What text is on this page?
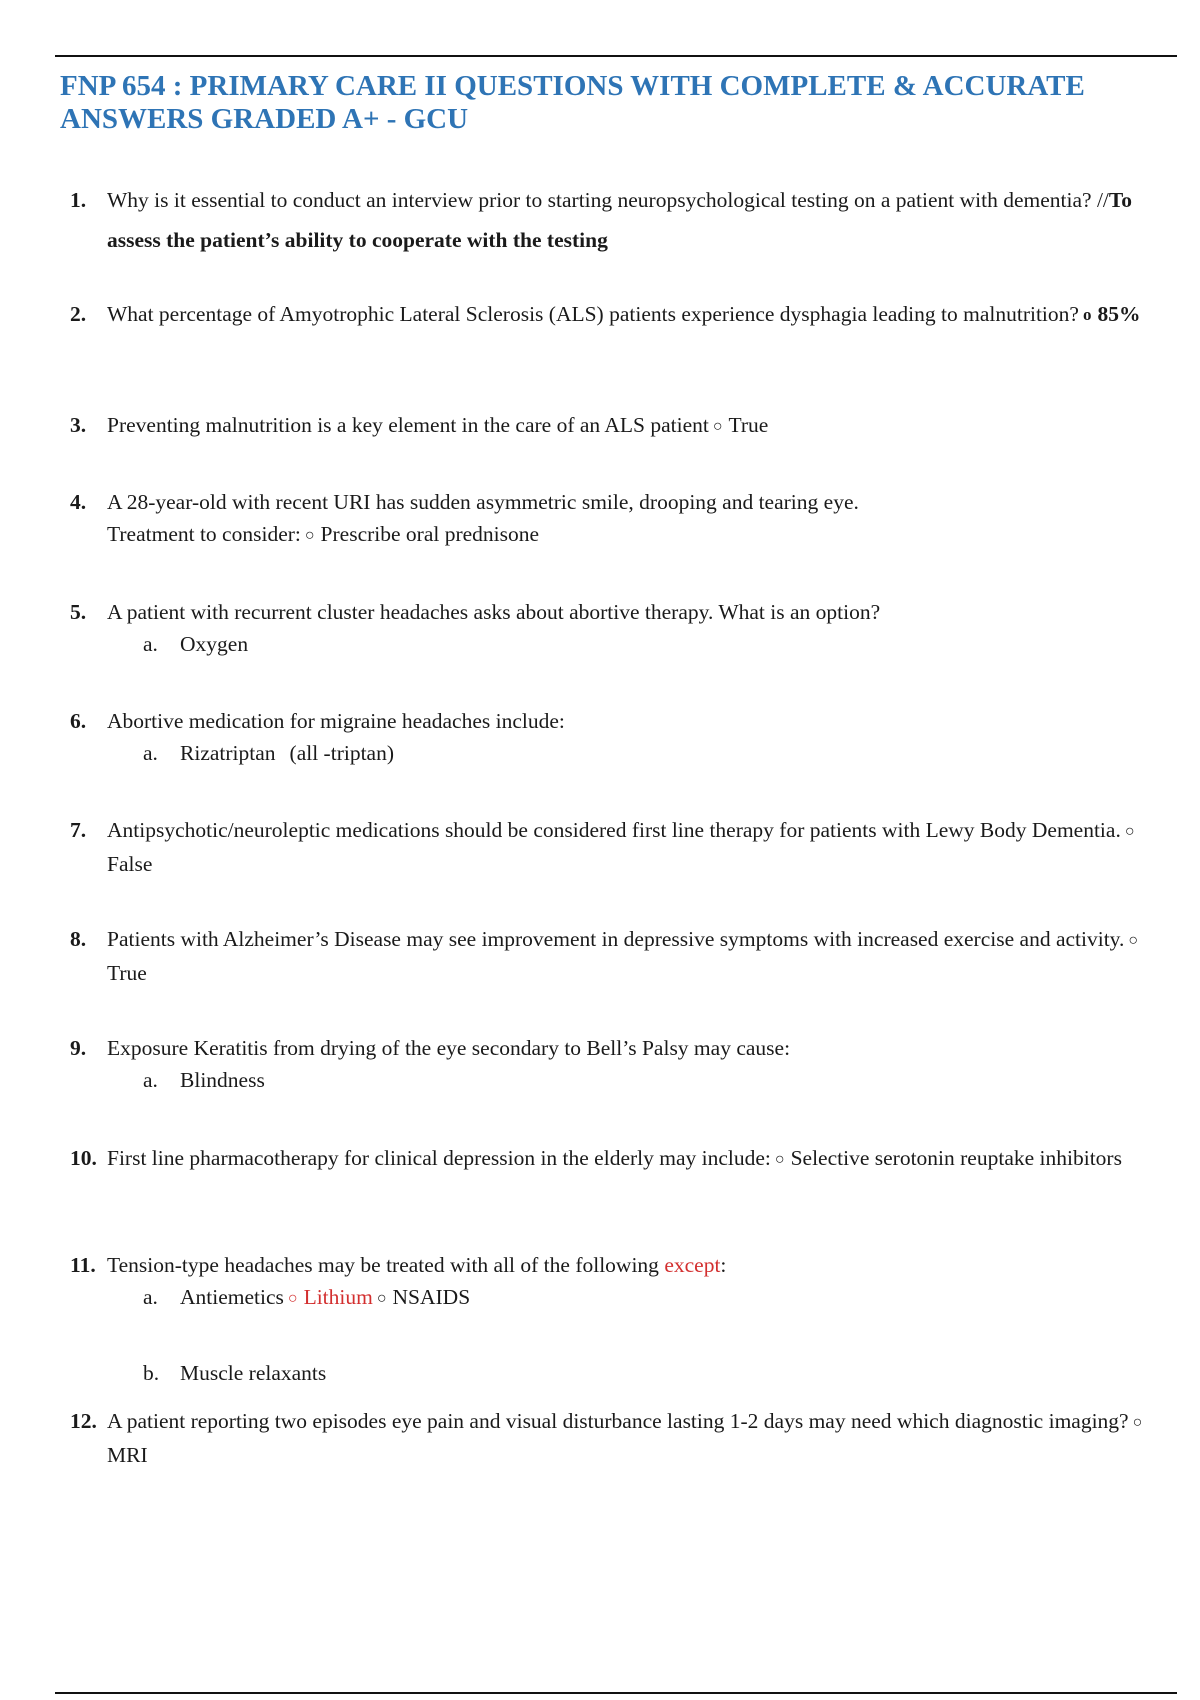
FNP 654 : PRIMARY CARE II QUESTIONS WITH COMPLETE & ACCURATE ANSWERS GRADED A+ - GCU
1. Why is it essential to conduct an interview prior to starting neuropsychological testing on a patient with dementia? //To assess the patient’s ability to cooperate with the testing
2. What percentage of Amyotrophic Lateral Sclerosis (ALS) patients experience dysphagia leading to malnutrition? o 85%
3. Preventing malnutrition is a key element in the care of an ALS patient ○ True
4. A 28-year-old with recent URI has sudden asymmetric smile, drooping and tearing eye.
Treatment to consider: ○ Prescribe oral prednisone
5. A patient with recurrent cluster headaches asks about abortive therapy. What is an option?
a. Oxygen
6. Abortive medication for migraine headaches include:
a. Rizatriptan (all -triptan)
7. Antipsychotic/neuroleptic medications should be considered first line therapy for patients with Lewy Body Dementia. ○False
8. Patients with Alzheimer’s Disease may see improvement in depressive symptoms with increased exercise and activity. ○True
9. Exposure Keratitis from drying of the eye secondary to Bell’s Palsy may cause:
a. Blindness
10. First line pharmacotherapy for clinical depression in the elderly may include: ○ Selective serotonin reuptake inhibitors
11. Tension-type headaches may be treated with all of the following except:
a. Antiemetics ○ Lithium ○ NSAIDS
b. Muscle relaxants
12. A patient reporting two episodes eye pain and visual disturbance lasting 1-2 days may need which diagnostic imaging? ○MRI
